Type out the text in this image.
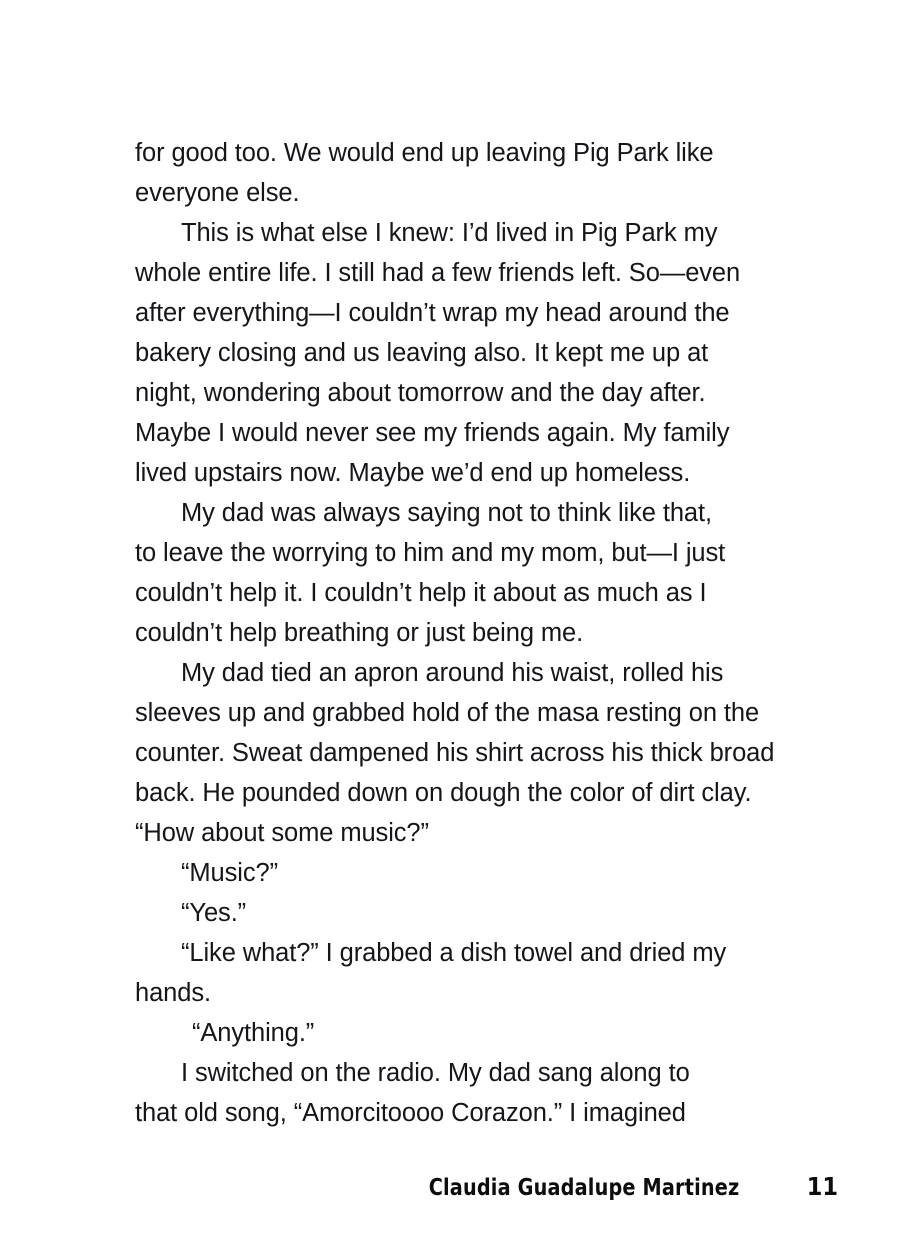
for good too. We would end up leaving Pig Park like
everyone else.
This is what else I knew: I’d lived in Pig Park my
whole entire life. I still had a few friends left. So—even
after everything—I couldn’t wrap my head around the
bakery closing and us leaving also. It kept me up at
night, wondering about tomorrow and the day after.
Maybe I would never see my friends again. My family
lived upstairs now. Maybe we’d end up homeless.
My dad was always saying not to think like that,
to leave the worrying to him and my mom, but—I just
couldn’t help it. I couldn’t help it about as much as I
couldn’t help breathing or just being me.
My dad tied an apron around his waist, rolled his
sleeves up and grabbed hold of the masa resting on the
counter. Sweat dampened his shirt across his thick broad
back. He pounded down on dough the color of dirt clay.
“How about some music?”
“Music?”
“Yes.”
“Like what?” I grabbed a dish towel and dried my
hands.
“Anything.”
I switched on the radio. My dad sang along to
that old song, “Amorcitoooo Corazon.” I imagined
Claudia Guadalupe Martinez	11
